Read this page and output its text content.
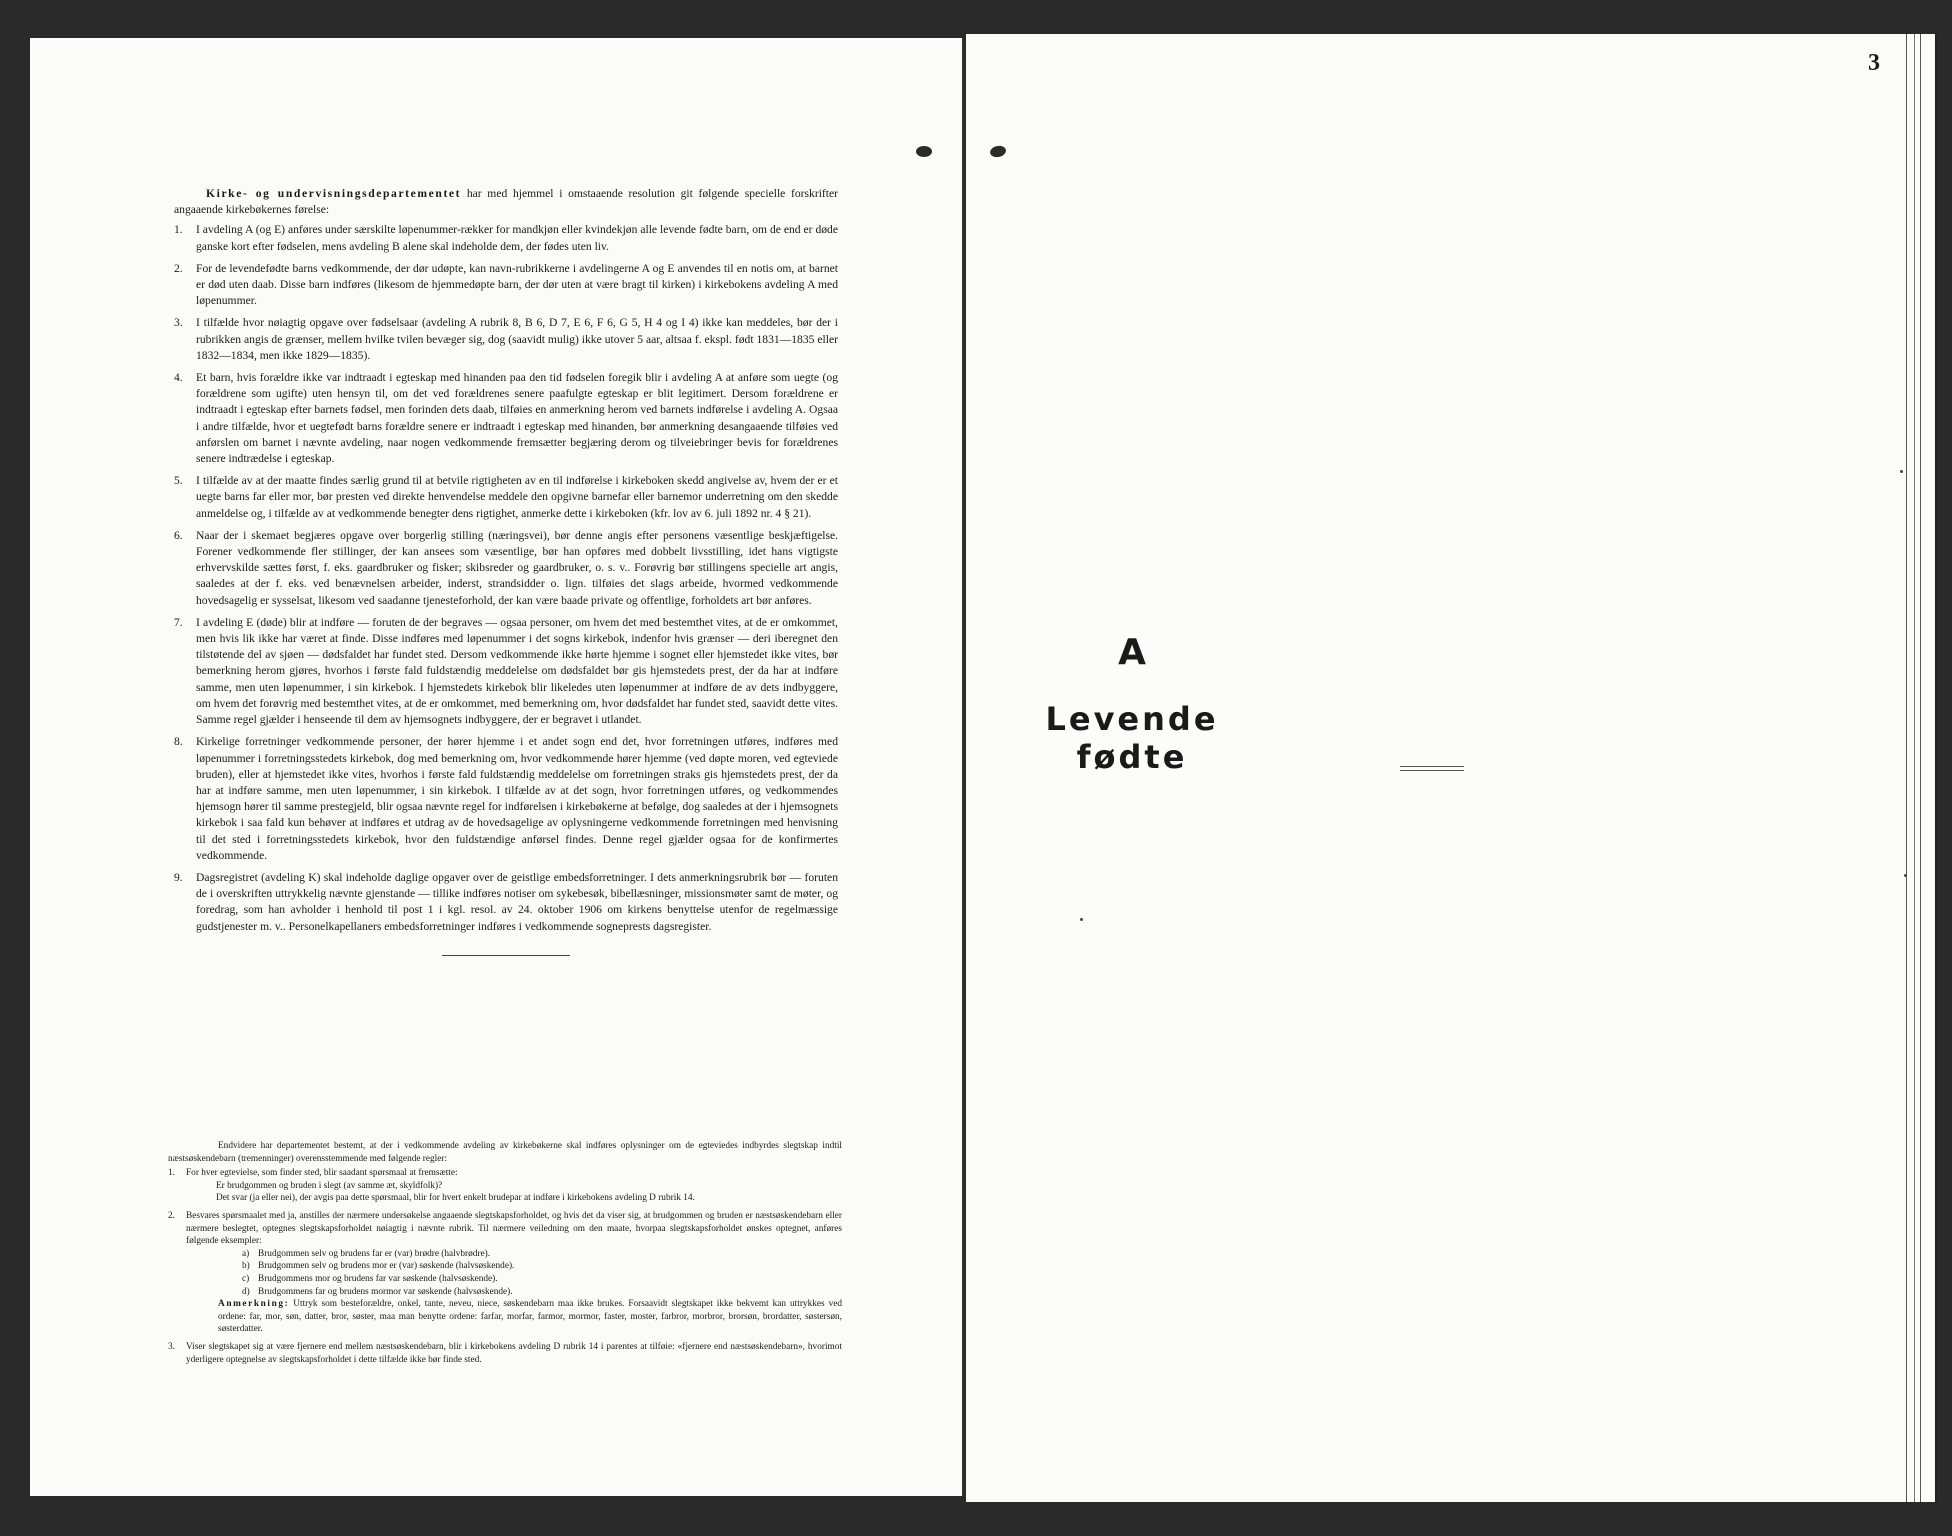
3

Kirke- og undervisningsdepartementet har med hjemmel i omstaaende resolution git følgende specielle forskrifter angaaende kirkebøkernes førelse:

1.	I avdeling A (og E) anføres under særskilte løpenummer-rækker for mandkjøn eller kvindekjøn alle levende fødte barn, om de end er døde ganske kort efter fødselen, mens avdeling B alene skal indeholde dem, der fødes uten liv.
2.	For de levendefødte barns vedkommende, der dør udøpte, kan navn-rubrikkerne i avdelingerne A og E anvendes til en notis om, at barnet er død uten daab. Disse barn indføres (likesom de hjemmedøpte barn, der dør uten at være bragt til kirken) i kirkebokens avdeling A med løpenummer.
3.	I tilfælde hvor nøiagtig opgave over fødselsaar (avdeling A rubrik 8, B 6, D 7, E 6, F 6, G 5, H 4 og I 4) ikke kan meddeles, bør der i rubrikken angis de grænser, mellem hvilke tvilen bevæger sig, dog (saavidt mulig) ikke utover 5 aar, altsaa f. ekspl. født 1831—1835 eller 1832—1834, men ikke 1829—1835).
4.	Et barn, hvis forældre ikke var indtraadt i egteskap med hinanden paa den tid fødselen foregik blir i avdeling A at anføre som uegte (og forældrene som ugifte) uten hensyn til, om det ved forældrenes senere paafulgte egteskap er blit legitimert. Dersom forældrene er indtraadt i egteskap efter barnets fødsel, men forinden dets daab, tilføies en anmerkning herom ved barnets indførelse i avdeling A. Ogsaa i andre tilfælde, hvor et uegtefødt barns forældre senere er indtraadt i egteskap med hinanden, bør anmerkning desangaaende tilføies ved anførslen om barnet i nævnte avdeling, naar nogen vedkommende fremsætter begjæring derom og tilveiebringer bevis for forældrenes senere indtrædelse i egteskap.
5.	I tilfælde av at der maatte findes særlig grund til at betvile rigtigheten av en til indførelse i kirkeboken skedd angivelse av, hvem der er et uegte barns far eller mor, bør presten ved direkte henvendelse meddele den opgivne barnefar eller barnemor underretning om den skedde anmeldelse og, i tilfælde av at vedkommende benegter dens rigtighet, anmerke dette i kirkeboken (kfr. lov av 6. juli 1892 nr. 4 § 21).
6.	Naar der i skemaet begjæres opgave over borgerlig stilling (næringsvei), bør denne angis efter personens væsentlige beskjæftigelse. Forener vedkommende fler stillinger, der kan ansees som væsentlige, bør han opføres med dobbelt livsstilling, idet hans vigtigste erhvervskilde sættes først, f. eks. gaardbruker og fisker; skibsreder og gaardbruker, o. s. v.. Forøvrig bør stillingens specielle art angis, saaledes at der f. eks. ved benævnelsen arbeider, inderst, strandsidder o. lign. tilføies det slags arbeide, hvormed vedkommende hovedsagelig er sysselsat, likesom ved saadanne tjenesteforhold, der kan være baade private og offentlige, forholdets art bør anføres.
7.	I avdeling E (døde) blir at indføre — foruten de der begraves — ogsaa personer, om hvem det med bestemthet vites, at de er omkommet, men hvis lik ikke har været at finde. Disse indføres med løpenummer i det sogns kirkebok, indenfor hvis grænser — deri iberegnet den tilstøtende del av sjøen — dødsfaldet har fundet sted. Dersom vedkommende ikke hørte hjemme i sognet eller hjemstedet ikke vites, bør bemerkning herom gjøres, hvorhos i første fald fuldstændig meddelelse om dødsfaldet bør gis hjemstedets prest, der da har at indføre samme, men uten løpenummer, i sin kirkebok. I hjemstedets kirkebok blir likeledes uten løpenummer at indføre de av dets indbyggere, om hvem det forøvrig med bestemthet vites, at de er omkommet, med bemerkning om, hvor dødsfaldet har fundet sted, saavidt dette vites. Samme regel gjælder i henseende til dem av hjemsognets indbyggere, der er begravet i utlandet.
8.	Kirkelige forretninger vedkommende personer, der hører hjemme i et andet sogn end det, hvor forretningen utføres, indføres med løpenummer i forretningsstedets kirkebok, dog med bemerkning om, hvor vedkommende hører hjemme (ved døpte moren, ved egteviede bruden), eller at hjemstedet ikke vites, hvorhos i første fald fuldstændig meddelelse om forretningen straks gis hjemstedets prest, der da har at indføre samme, men uten løpenummer, i sin kirkebok. I tilfælde av at det sogn, hvor forretningen utføres, og vedkommendes hjemsogn hører til samme prestegjeld, blir ogsaa nævnte regel for indførelsen i kirkebøkerne at befølge, dog saaledes at der i hjemsognets kirkebok i saa fald kun behøver at indføres et utdrag av de hovedsagelige av oplysningerne vedkommende forretningen med henvisning til det sted i forretningsstedets kirkebok, hvor den fuldstændige anførsel findes. Denne regel gjælder ogsaa for de konfirmertes vedkommende.
9.	Dagsregistret (avdeling K) skal indeholde daglige opgaver over de geistlige embedsforretninger. I dets anmerkningsrubrik bør — foruten de i overskriften uttrykkelig nævnte gjenstande — tillike indføres notiser om sykebesøk, bibellæsninger, missionsmøter samt de møter, og foredrag, som han avholder i henhold til post 1 i kgl. resol. av 24. oktober 1906 om kirkens benyttelse utenfor de regelmæssige gudstjenester m. v.. Personelkapellaners embedsforretninger indføres i vedkommende sogneprests dagsregister.

Endvidere har departementet bestemt, at der i vedkommende avdeling av kirkebøkerne skal indføres oplysninger om de egteviedes indbyrdes slegtskap indtil næstsøskendebarn (tremenninger) overensstemmende med følgende regler:

1.	For hver egtevielse, som finder sted, blir saadant spørsmaal at fremsætte:
Er brudgommen og bruden i slegt (av samme æt, skyldfolk)?
Det svar (ja eller nei), der avgis paa dette spørsmaal, blir for hvert enkelt brudepar at indføre i kirkebokens avdeling D rubrik 14.
2.	Besvares spørsmaalet med ja, anstilles der nærmere undersøkelse angaaende slegtskapsforholdet, og hvis det da viser sig, at brudgommen og bruden er næstsøskendebarn eller nærmere beslegtet, optegnes slegtskapsforholdet nøiagtig i nævnte rubrik. Til nærmere veiledning om den maate, hvorpaa slegtskapsforholdet ønskes optegnet, anføres følgende eksempler:
a) Brudgommen selv og brudens far er (var) brødre (halvbrødre).
b) Brudgommen selv og brudens mor er (var) søskende (halvsøskende).
c) Brudgommens mor og brudens far var søskende (halvsøskende).
d) Brudgommens far og brudens mormor var søskende (halvsøskende).
Anmerkning: Uttryk som besteforældre, onkel, tante, neveu, niece, søskendebarn maa ikke brukes. Forsaavidt slegtskapet ikke bekvemt kan uttrykkes ved ordene: far, mor, søn, datter, bror, søster, maa man benytte ordene: farfar, morfar, farmor, mormor, faster, moster, farbror, morbror, brorsøn, brordatter, søstersøn, søsterdatter.
3.	Viser slegtskapet sig at være fjernere end mellem næstsøskendebarn, blir i kirkebokens avdeling D rubrik 14 i parentes at tilføie: «fjernere end næstsøskendebarn», hvorimot yderligere optegnelse av slegtskapsforholdet i dette tilfælde ikke bør finde sted.
A
Levende fødte
